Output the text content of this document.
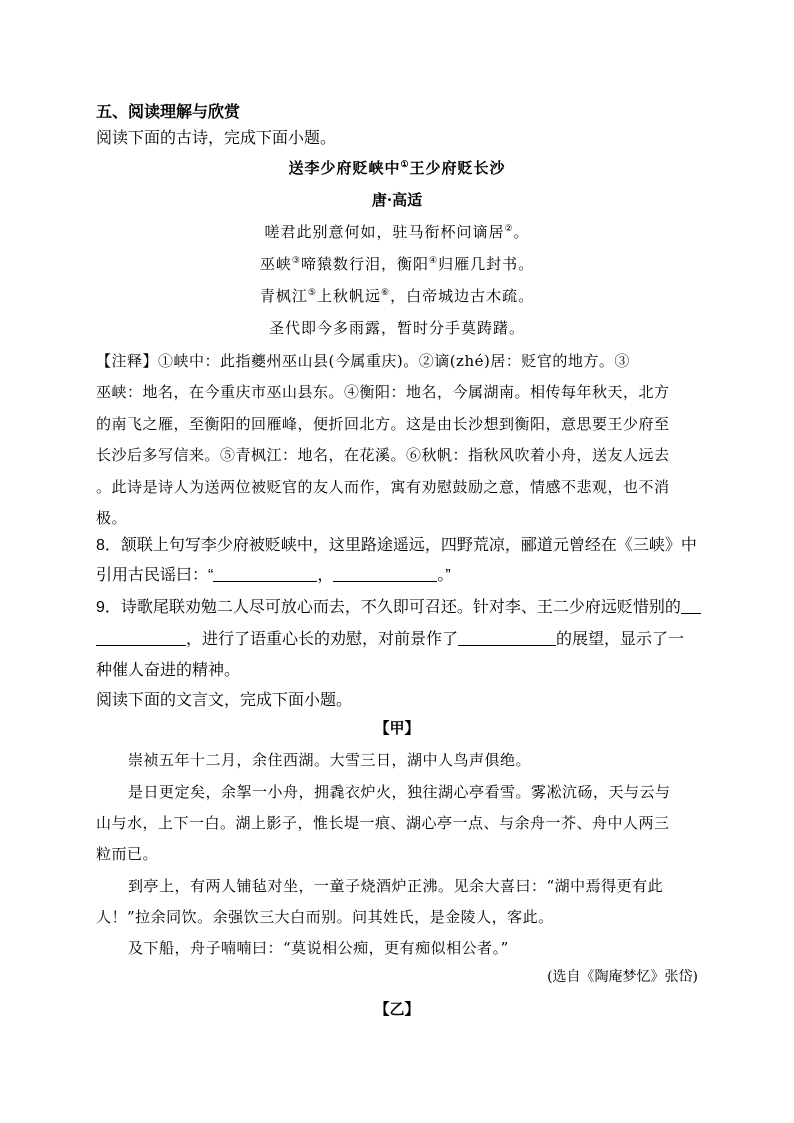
五、阅读理解与欣赏
阅读下面的古诗，完成下面小题。
送李少府贬峡中①王少府贬长沙
唐·高适
嗟君此别意何如，驻马衔杯问谪居②。
巫峡③啼猿数行泪，衡阳④归雁几封书。
青枫江⑤上秋帆远⑥，白帝城边古木疏。
圣代即今多雨露，暂时分手莫踌躇。
【注释】①峡中：此指夔州巫山县(今属重庆)。②谪(zhé)居：贬官的地方。③
巫峡：地名，在今重庆市巫山县东。④衡阳：地名，今属湖南。相传每年秋天，北方
的南飞之雁，至衡阳的回雁峰，便折回北方。这是由长沙想到衡阳，意思要王少府至
长沙后多写信来。⑤青枫江：地名，在花溪。⑥秋帆：指秋风吹着小舟，送友人远去
。此诗是诗人为送两位被贬官的友人而作，寓有劝慰鼓励之意，情感不悲观，也不消
极。
8．颔联上句写李少府被贬峡中，这里路途遥远，四野荒凉，郦道元曾经在《三峡》中
引用古民谣曰：“	，	。”
9．诗歌尾联劝勉二人尽可放心而去，不久即可召还。针对李、王二少府远贬惜别的
，进行了语重心长的劝慰，对前景作了	的展望，显示了一
种催人奋进的精神。
阅读下面的文言文，完成下面小题。
【甲】
崇祯五年十二月，余住西湖。大雪三日，湖中人鸟声俱绝。
是日更定矣，余挐一小舟，拥毳衣炉火，独往湖心亭看雪。雾凇沆砀，天与云与
山与水，上下一白。湖上影子，惟长堤一痕、湖心亭一点、与余舟一芥、舟中人两三
粒而已。
到亭上，有两人铺毡对坐，一童子烧酒炉正沸。见余大喜曰：“湖中焉得更有此
人！”拉余同饮。余强饮三大白而别。问其姓氏，是金陵人，客此。
及下船，舟子喃喃曰：“莫说相公痴，更有痴似相公者。”
(选自《陶庵梦忆》张岱)
【乙】
